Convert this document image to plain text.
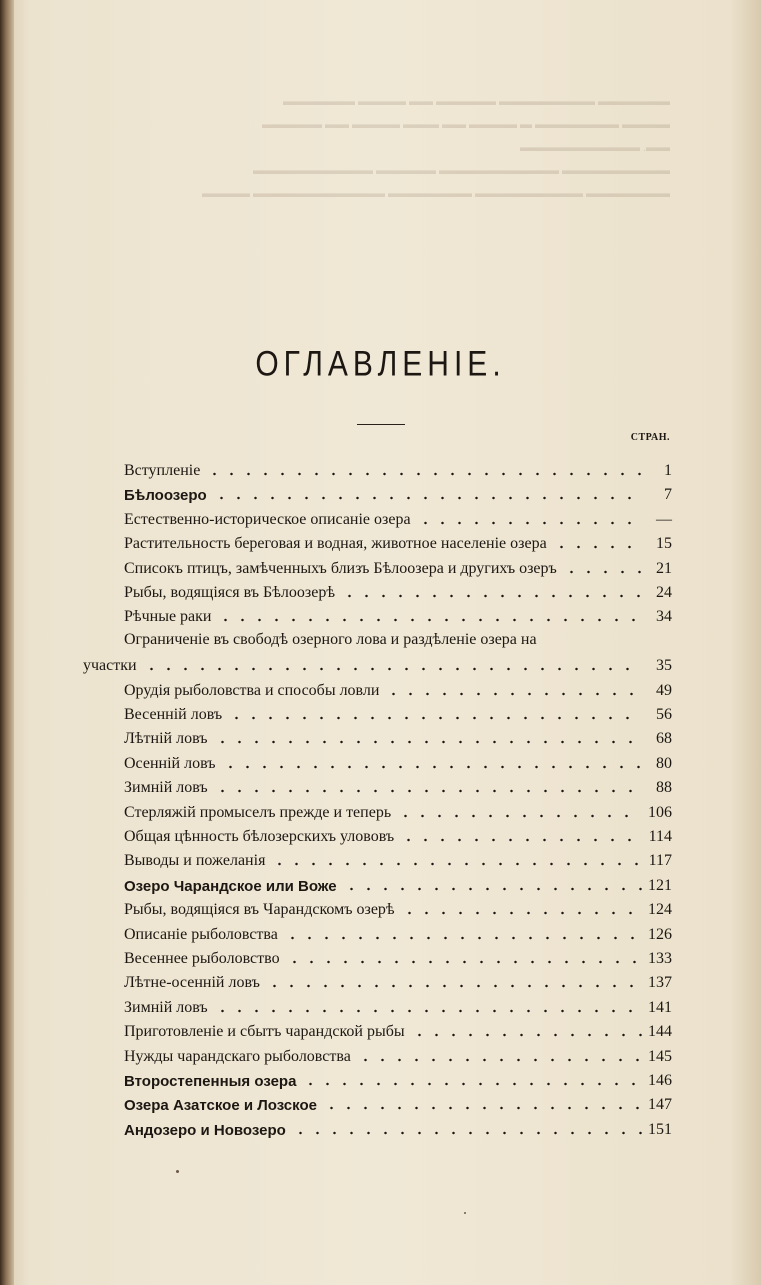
▬▬▬▬▬▬ ▬▬▬▬▬▬▬▬ ▬▬▬▬▬ ▬▬ ▬▬▬▬ ▬▬▬▬▬▬
▬▬▬▬ ▬▬▬▬▬▬▬ ▬ ▬▬▬▬ ▬▬ ▬▬▬ ▬▬▬▬ ▬▬ ▬▬▬▬▬
▬▬. ▬▬▬▬▬▬▬▬▬▬
▬▬▬▬▬▬▬▬▬ ▬▬▬▬▬▬▬▬▬▬ ▬▬▬▬▬ ▬▬▬▬▬▬▬▬▬▬
▬▬▬▬▬▬▬ ▬▬▬▬▬▬▬▬▬ ▬▬▬▬▬▬▬ ▬▬▬▬▬▬▬▬▬▬▬ ▬▬▬▬
ОГЛАВЛЕНІЕ.
СТРАН.
Вступленіе	1
Бѣлоозеро	7
Естественно-историческое описаніе озера	—
Растительность береговая и водная, животное населеніе озера	15
Списокъ птицъ, замѣченныхъ близъ Бѣлоозера и другихъ озеръ	21
Рыбы, водящіяся въ Бѣлоозерѣ	24
Рѣчные раки	34
Ограниченіе въ свободѣ озерного лова и раздѣленіе озера на
участки	35
Орудія рыболовства и способы ловли	49
Весенній ловъ	56
Лѣтній ловъ	68
Осенній ловъ	80
Зимній ловъ	88
Стерляжій промыселъ прежде и теперь	106
Общая цѣнность бѣлозерскихъ улововъ	114
Выводы и пожеланія	117
Озеро Чарандское или Воже	121
Рыбы, водящіяся въ Чарандскомъ озерѣ	124
Описаніе рыболовства	126
Весеннее рыболовство	133
Лѣтне-осенній ловъ	137
Зимній ловъ	141
Приготовленіе и сбытъ чарандской рыбы	144
Нужды чарандскаго рыболовства	145
Второстепенныя озера	146
Озера Азатское и Лозское	147
Андозеро и Новозеро	151
